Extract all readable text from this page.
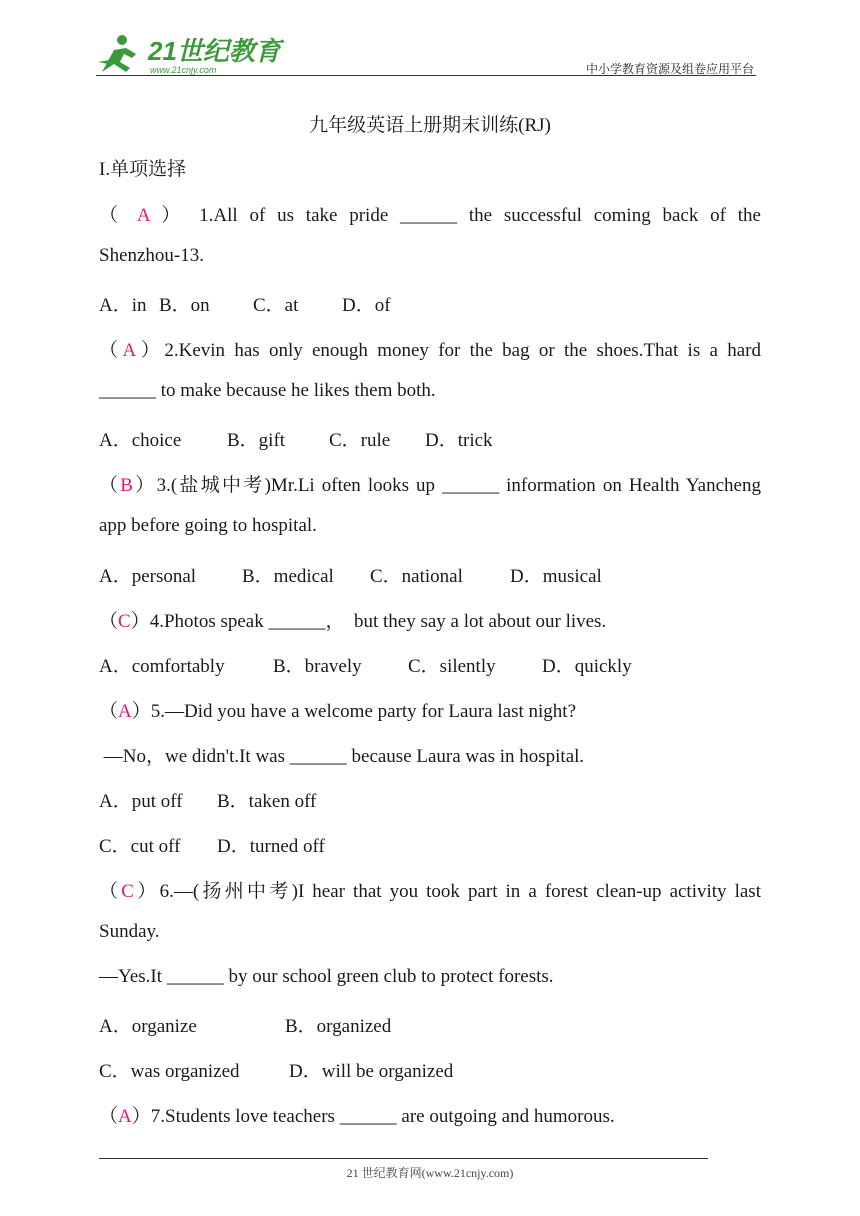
21世纪教育
www.21cnjy.com	中小学教育资源及组卷应用平台
九年级英语上册期末训练(RJ)
I.单项选择
（ A ） 1.All of us take pride ______ the successful coming back of the
Shenzhou-13.
A．in B．on C．at D．of
（A）2.Kevin has only enough money for the bag or the shoes.That is a hard
______ to make because he likes them both.
A．choice B．gift C．rule D．trick
（B）3.(盐城中考)Mr.Li often looks up ______ information on Health Yancheng
app before going to hospital.
A．personal B．medical C．national D．musical
（C）4.Photos speak ______，  but they say a lot about our lives.
A．comfortably	B．bravely C．silently D．quickly
（A）5.—Did you have a welcome party for Laura last night?
—No，we didn't.It was ______ because Laura was in hospital.
A．put off B．taken off
C．cut off D．turned off
（C）6.—(扬州中考)I hear that you took part in a forest clean-up activity last
Sunday.
—Yes.It ______ by our school green club to protect forests.
A．organize	B．organized
C．was organized	D．will be organized
（A）7.Students love teachers ______ are outgoing and humorous.
21 世纪教育网(www.21cnjy.com)
